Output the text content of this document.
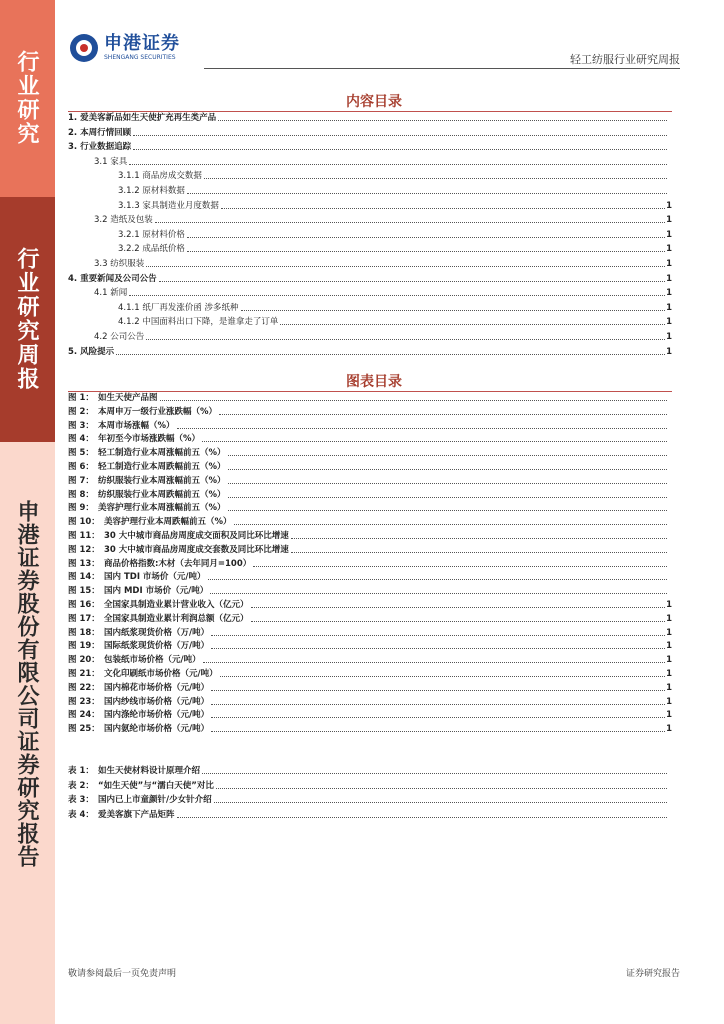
行业研究
行业研究周报
申港证券股份有限公司证券研究报告
申港证券
SHENGANG SECURITIES	轻工纺服行业研究周报
内容目录
1. 爱美客新品如生天使扩充再生类产品
2. 本周行情回顾
3. 行业数据追踪
3.1 家具
3.1.1 商品房成交数据
3.1.2 原材料数据
3.1.3 家具制造业月度数据	1
3.2 造纸及包装	1
3.2.1 原材料价格	1
3.2.2 成品纸价格	1
3.3 纺织服装	1
4. 重要新闻及公司公告	1
4.1 新闻	1
4.1.1 纸厂再发涨价函 涉多纸种	1
4.1.2 中国面料出口下降，是谁拿走了订单	1
4.2 公司公告	1
5. 风险提示	1
图表目录
图 1： 如生天使产品图
图 2： 本周申万一级行业涨跌幅（%）
图 3： 本周市场涨幅（%）
图 4： 年初至今市场涨跌幅（%）
图 5： 轻工制造行业本周涨幅前五（%）
图 6： 轻工制造行业本周跌幅前五（%）
图 7： 纺织服装行业本周涨幅前五（%）
图 8： 纺织服装行业本周跌幅前五（%）
图 9： 美容护理行业本周涨幅前五（%）
图 10： 美容护理行业本周跌幅前五（%）
图 11： 30 大中城市商品房周度成交面积及同比环比增速
图 12： 30 大中城市商品房周度成交套数及同比环比增速
图 13： 商品价格指数:木材（去年同月=100）
图 14： 国内 TDI 市场价（元/吨）
图 15： 国内 MDI 市场价（元/吨）
图 16： 全国家具制造业累计营业收入（亿元）	1
图 17： 全国家具制造业累计利润总额（亿元）	1
图 18： 国内纸浆现货价格（万/吨）	1
图 19： 国际纸浆现货价格（万/吨）	1
图 20： 包装纸市场价格（元/吨）	1
图 21： 文化印刷纸市场价格（元/吨）	1
图 22： 国内棉花市场价格（元/吨）	1
图 23： 国内纱线市场价格（元/吨）	1
图 24： 国内涤纶市场价格（元/吨）	1
图 25： 国内氨纶市场价格（元/吨）	1
表 1： 如生天使材料设计原理介绍
表 2： “如生天使”与“濡白天使”对比
表 3： 国内已上市童颜针/少女针介绍
表 4： 爱美客旗下产品矩阵
敬请参阅最后一页免责声明	证券研究报告
